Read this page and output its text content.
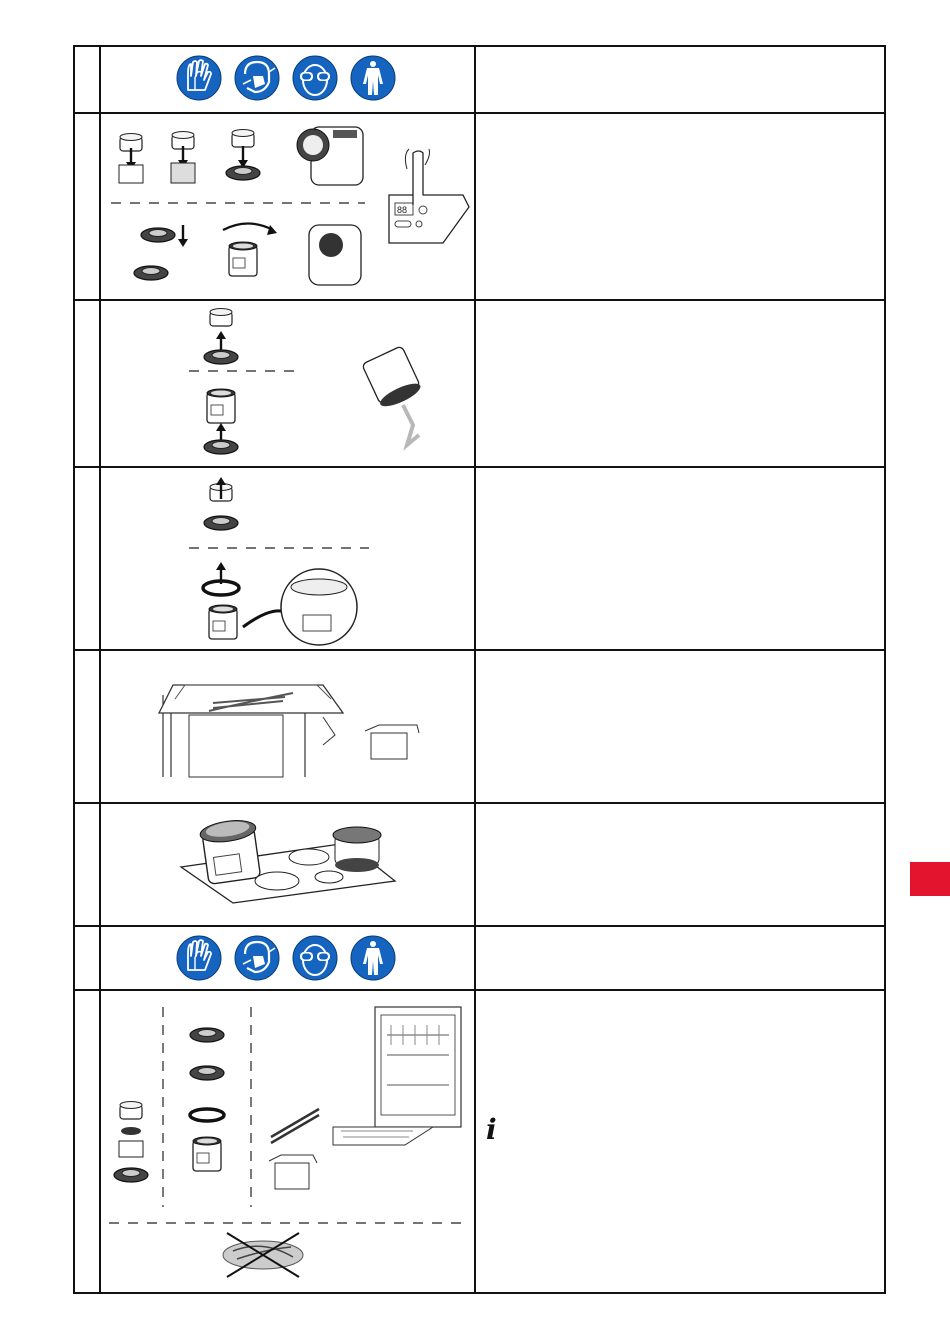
88
i
